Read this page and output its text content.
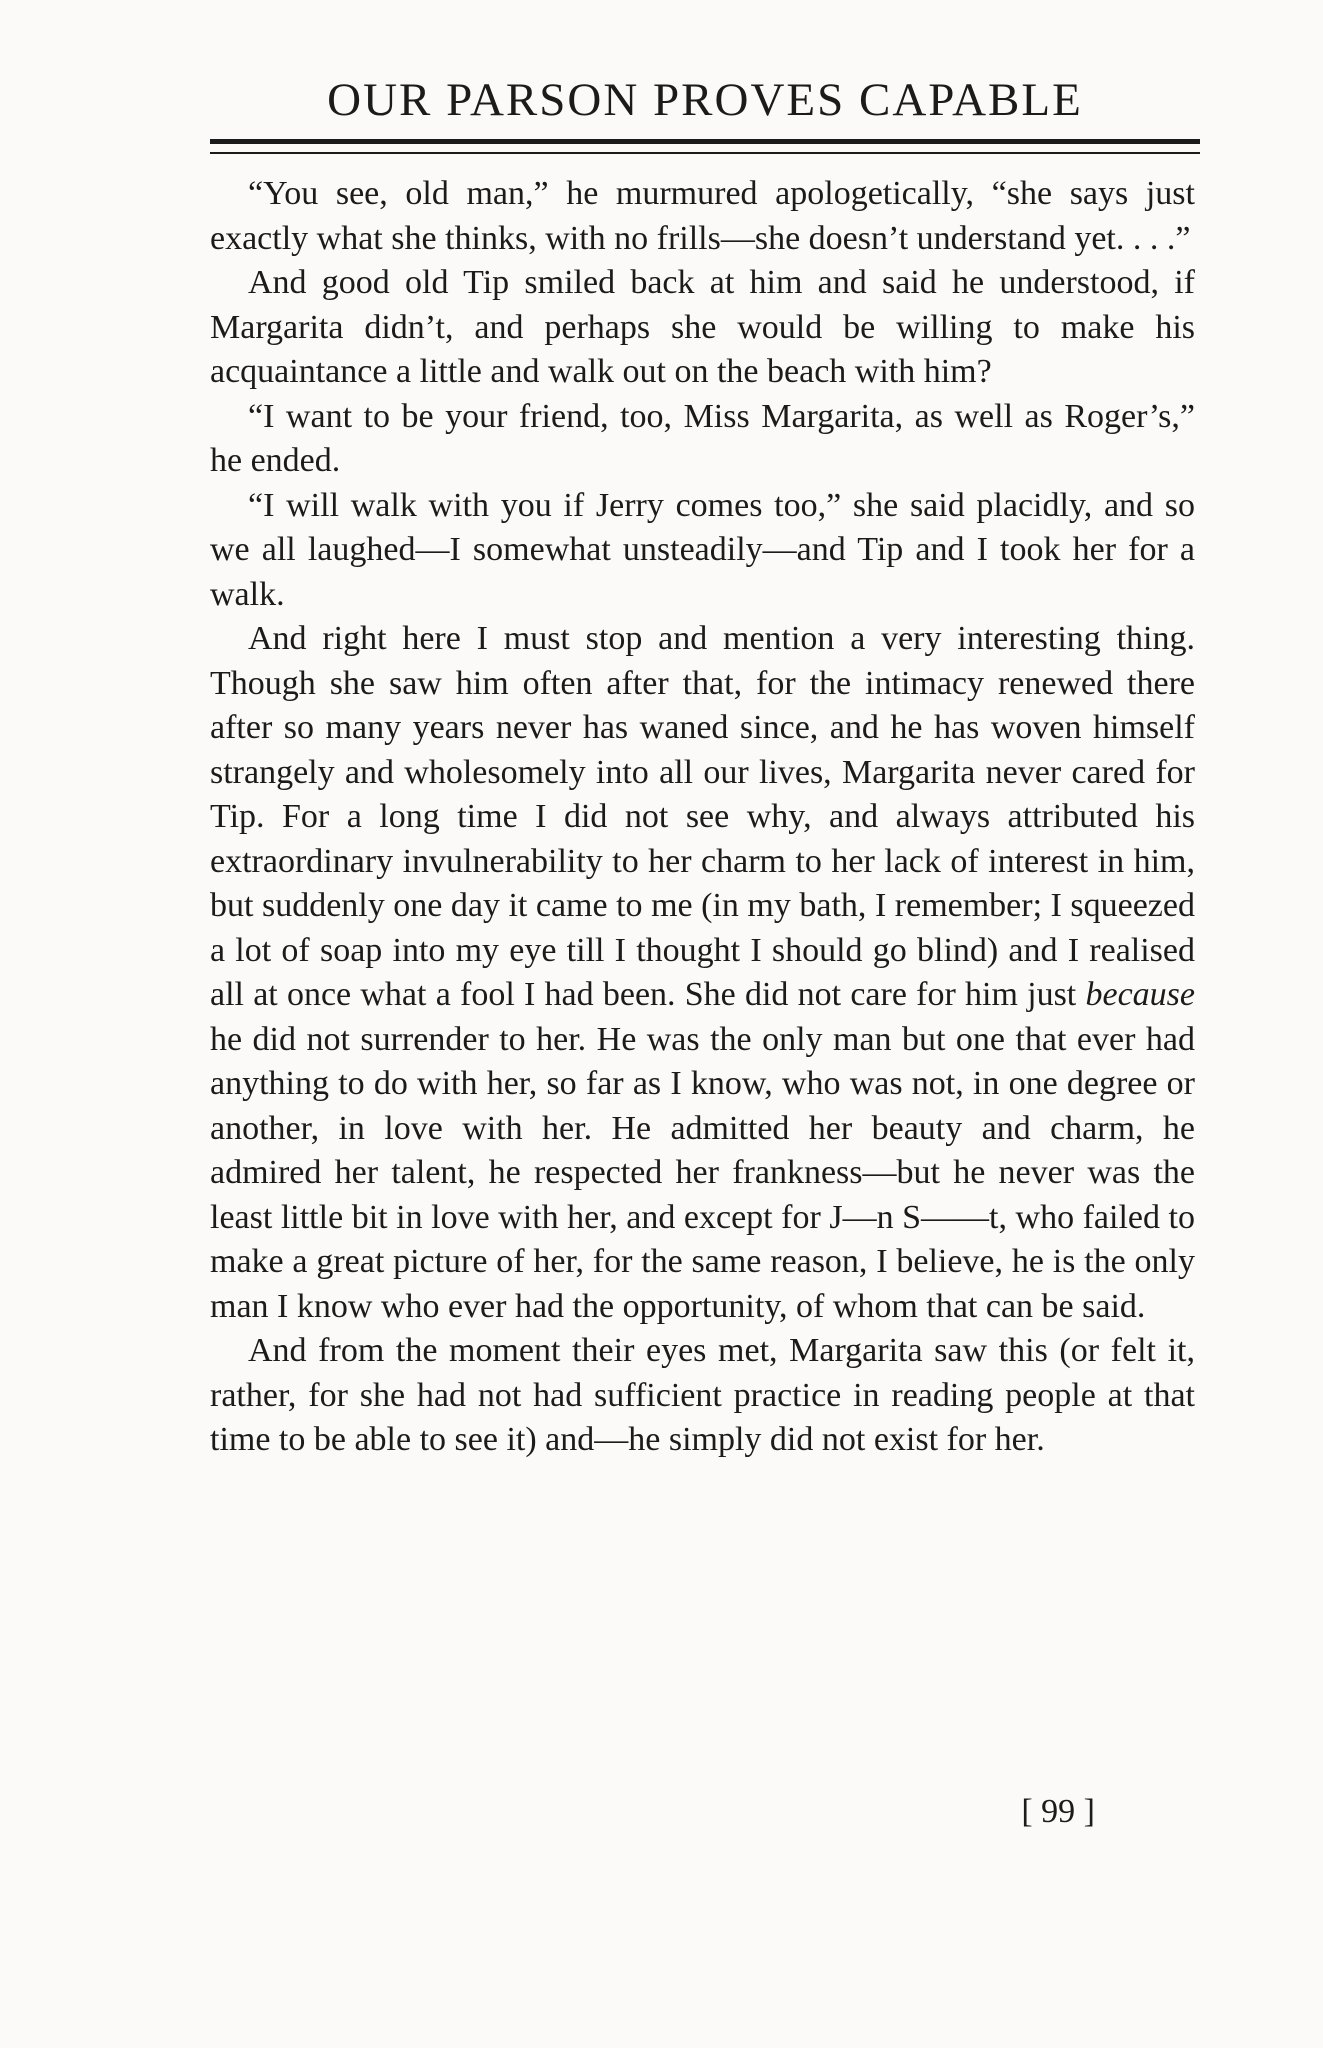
OUR PARSON PROVES CAPABLE

“You see, old man,” he murmured apologetically, “she says just exactly what she thinks, with no frills—she doesn’t understand yet. . . .”

And good old Tip smiled back at him and said he understood, if Margarita didn’t, and perhaps she would be willing to make his acquaintance a little and walk out on the beach with him?

“I want to be your friend, too, Miss Margarita, as well as Roger’s,” he ended.

“I will walk with you if Jerry comes too,” she said placidly, and so we all laughed—I somewhat unsteadily—and Tip and I took her for a walk.

And right here I must stop and mention a very interesting thing. Though she saw him often after that, for the intimacy renewed there after so many years never has waned since, and he has woven himself strangely and wholesomely into all our lives, Margarita never cared for Tip. For a long time I did not see why, and always attributed his extraordinary invulnerability to her charm to her lack of interest in him, but suddenly one day it came to me (in my bath, I remember; I squeezed a lot of soap into my eye till I thought I should go blind) and I realised all at once what a fool I had been. She did not care for him just because he did not surrender to her. He was the only man but one that ever had anything to do with her, so far as I know, who was not, in one degree or another, in love with her. He admitted her beauty and charm, he admired her talent, he respected her frankness—but he never was the least little bit in love with her, and except for J—n S——t, who failed to make a great picture of her, for the same reason, I believe, he is the only man I know who ever had the opportunity, of whom that can be said.

And from the moment their eyes met, Margarita saw this (or felt it, rather, for she had not had sufficient practice in reading people at that time to be able to see it) and—he simply did not exist for her.

[ 99 ]
